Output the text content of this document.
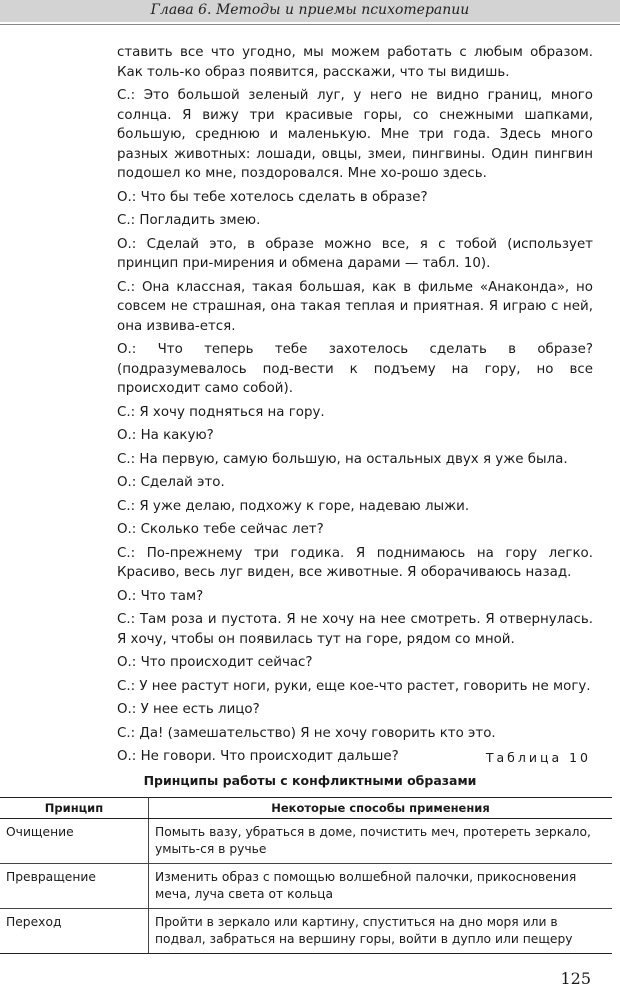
Глава 6. Методы и приемы психотерапии

ставить все что угодно, мы можем работать с любым образом. Как толь-ко образ появится, расскажи, что ты видишь.

С.: Это большой зеленый луг, у него не видно границ, много солнца. Я вижу три красивые горы, со снежными шапками, большую, среднюю и маленькую. Мне три года. Здесь много разных животных: лошади, овцы, змеи, пингвины. Один пингвин подошел ко мне, поздоровался. Мне хо-рошо здесь.

О.: Что бы тебе хотелось сделать в образе?

С.: Погладить змею.

О.: Сделай это, в образе можно все, я с тобой (использует принцип при-мирения и обмена дарами — табл. 10).

С.: Она классная, такая большая, как в фильме «Анаконда», но совсем не страшная, она такая теплая и приятная. Я играю с ней, она извива-ется.

О.: Что теперь тебе захотелось сделать в образе? (подразумевалось под-вести к подъему на гору, но все происходит само собой).

С.: Я хочу подняться на гору.

О.: На какую?

С.: На первую, самую большую, на остальных двух я уже была.

О.: Сделай это.

С.: Я уже делаю, подхожу к горе, надеваю лыжи.

О.: Сколько тебе сейчас лет?

С.: По-прежнему три годика. Я поднимаюсь на гору легко. Красиво, весь луг виден, все животные. Я оборачиваюсь назад.

О.: Что там?

С.: Там роза и пустота. Я не хочу на нее смотреть. Я отвернулась. Я хочу, чтобы он появилась тут на горе, рядом со мной.

О.: Что происходит сейчас?

С.: У нее растут ноги, руки, еще кое-что растет, говорить не могу.

О.: У нее есть лицо?

С.: Да! (замешательство) Я не хочу говорить кто это.

О.: Не говори. Что происходит дальше?	Таблица 10
Принципы работы с конфликтными образами
Принцип	Некоторые способы применения
Очищение	Помыть вазу, убраться в доме, почистить меч, протереть зеркало, умыть-ся в ручье
Превращение	Изменить образ с помощью волшебной палочки, прикосновения меча, луча света от кольца
Переход	Пройти в зеркало или картину, спуститься на дно моря или в подвал, забраться на вершину горы, войти в дупло или пещеру
125
